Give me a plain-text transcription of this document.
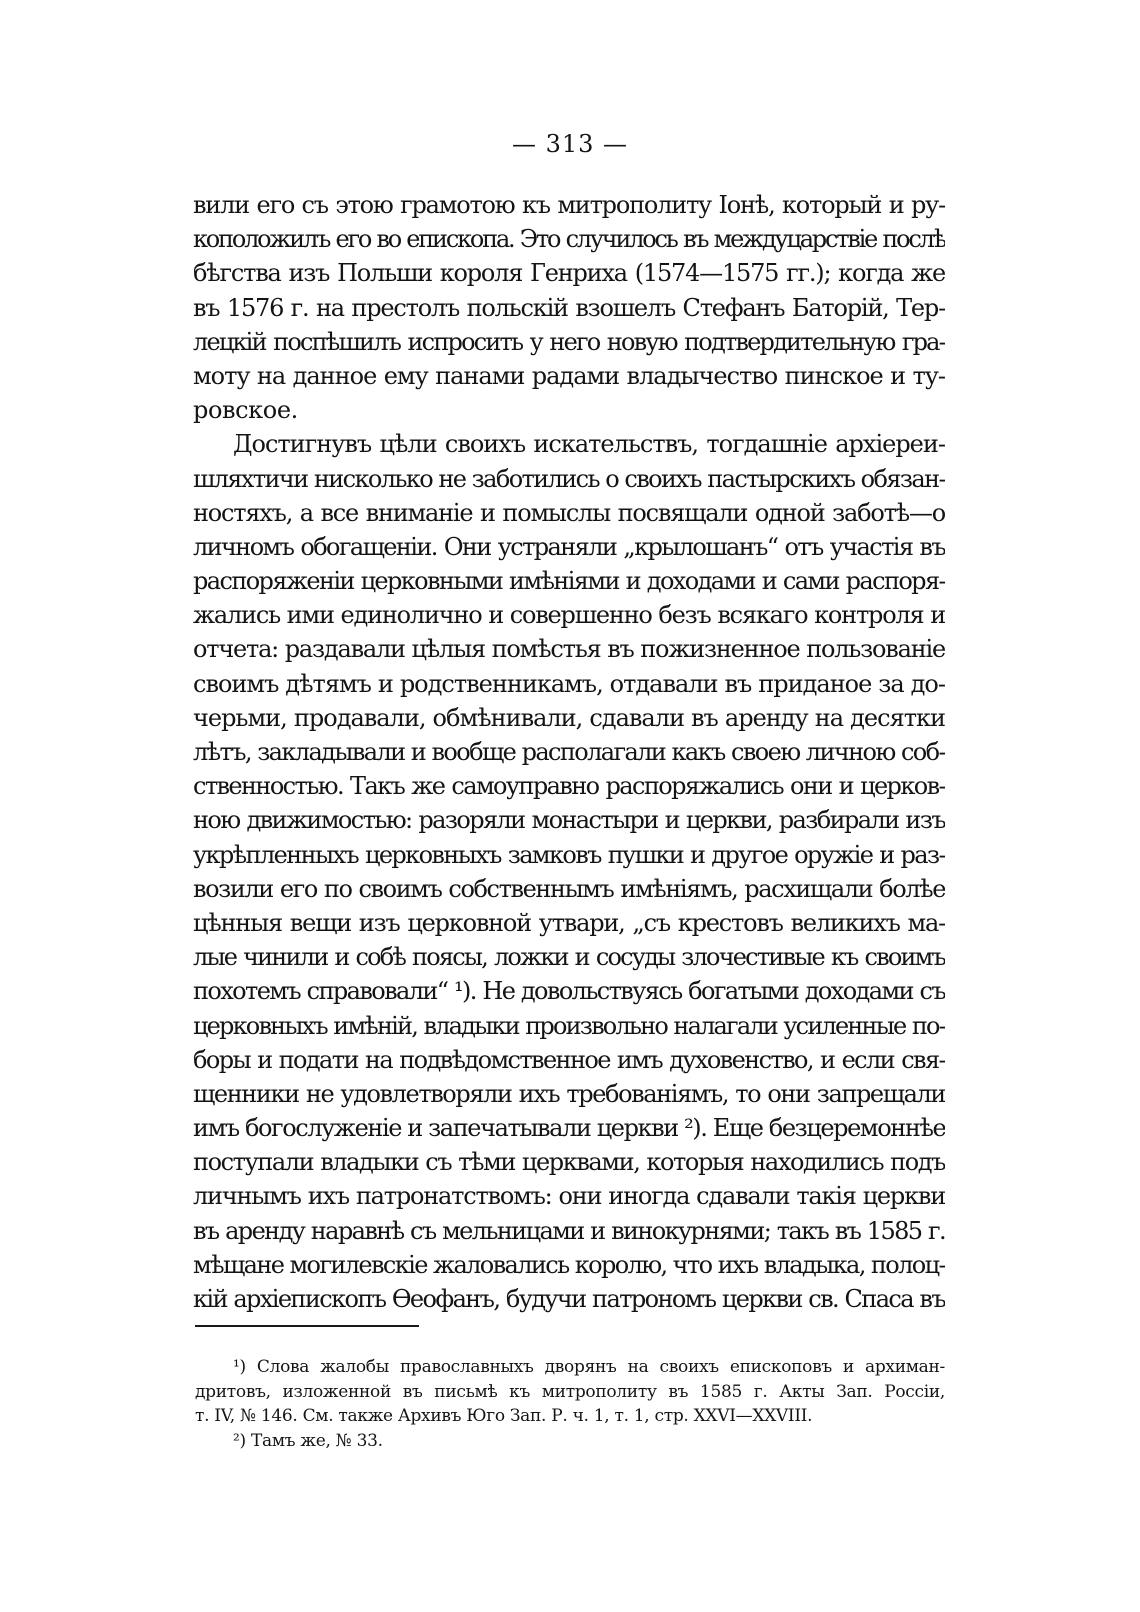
— 313 —
вили его съ этою грамотою къ митрополиту Іонѣ, который и ру-
коположилъ его во епископа. Это случилось въ междуцарствіе послѣ
бѣгства изъ Польши короля Генриха (1574—1575 гг.); когда же
въ 1576 г. на престолъ польскій взошелъ Стефанъ Баторій, Тер-
лецкій поспѣшилъ испросить у него новую подтвердительную гра-
моту на данное ему панами радами владычество пинское и ту-
ровское.
Достигнувъ цѣли своихъ искательствъ, тогдашніе архіереи-
шляхтичи нисколько не заботились о своихъ пастырскихъ обязан-
ностяхъ, а все вниманіе и помыслы посвящали одной заботѣ—о
личномъ обогащеніи. Они устраняли „крылошанъ“ отъ участія въ
распоряженіи церковными имѣніями и доходами и сами распоря-
жались ими единолично и совершенно безъ всякаго контроля и
отчета: раздавали цѣлыя помѣстья въ пожизненное пользованіе
своимъ дѣтямъ и родственникамъ, отдавали въ приданое за до-
черьми, продавали, обмѣнивали, сдавали въ аренду на десятки
лѣтъ, закладывали и вообще располагали какъ своею личною соб-
ственностью. Такъ же самоуправно распоряжались они и церков-
ною движимостью: разоряли монастыри и церкви, разбирали изъ
укрѣпленныхъ церковныхъ замковъ пушки и другое оружіе и раз-
возили его по своимъ собственнымъ имѣніямъ, расхищали болѣе
цѣнныя вещи изъ церковной утвари, „съ крестовъ великихъ ма-
лые чинили и собѣ поясы, ложки и сосуды злочестивые къ своимъ
похотемъ справовали“ ¹). Не довольствуясь богатыми доходами съ
церковныхъ имѣній, владыки произвольно налагали усиленные по-
боры и подати на подвѣдомственное имъ духовенство, и если свя-
щенники не удовлетворяли ихъ требованіямъ, то они запрещали
имъ богослуженіе и запечатывали церкви ²). Еще безцеремоннѣе
поступали владыки съ тѣми церквами, которыя находились подъ
личнымъ ихъ патронатствомъ: они иногда сдавали такія церкви
въ аренду наравнѣ съ мельницами и винокурнями; такъ въ 1585 г.
мѣщане могилевскіе жаловались королю, что ихъ владыка, полоц-
кій архіепископъ Ѳеофанъ, будучи патрономъ церкви св. Спаса въ
¹) Слова жалобы православныхъ дворянъ на своихъ епископовъ и архиман-
дритовъ, изложенной въ письмѣ къ митрополиту въ 1585 г. Акты Зап. Россіи,
т. IV, № 146. См. также Архивъ Юго Зап. Р. ч. 1, т. 1, стр. XXVI—XXVIII.
²) Тамъ же, № 33.
